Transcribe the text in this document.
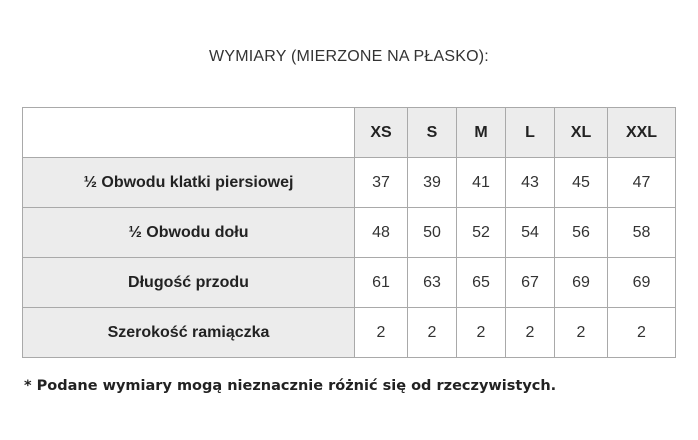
WYMIARY (MIERZONE NA PŁASKO):
	XS	S	M	L	XL	XXL
½ Obwodu klatki piersiowej	37	39	41	43	45	47
½ Obwodu dołu	48	50	52	54	56	58
Długość przodu	61	63	65	67	69	69
Szerokość ramiączka	2	2	2	2	2	2
* Podane wymiary mogą nieznacznie różnić się od rzeczywistych.
